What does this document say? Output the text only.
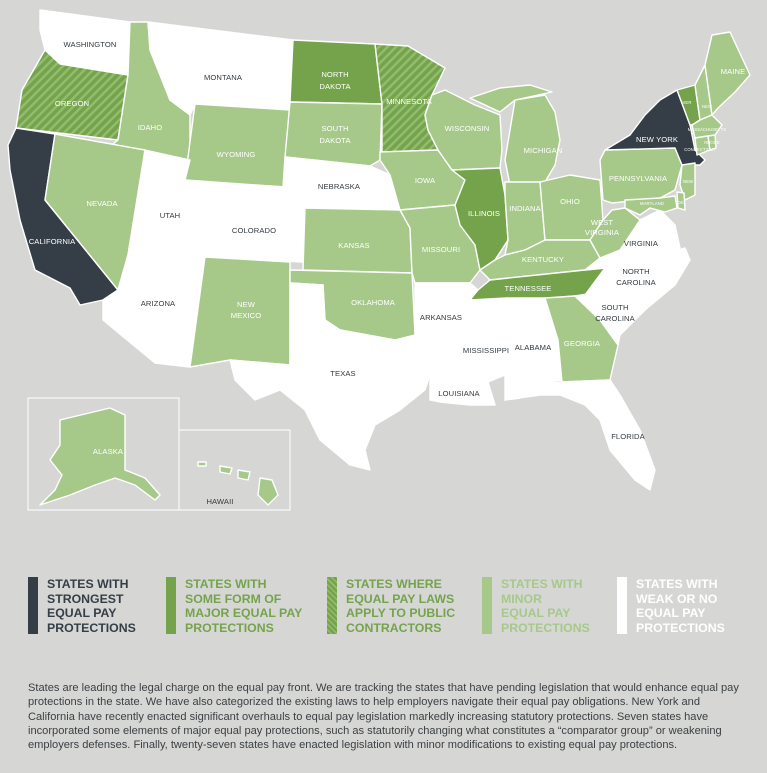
WASHINGTON
OREGON
CALIFORNIA
IDAHO
NEVADA
MONTANA
WYOMING
UTAH
ARIZONA
COLORADO
NEW
MEXICO
NORTH
DAKOTA
SOUTH
DAKOTA
NEBRASKA
KANSAS
OKLAHOMA
TEXAS
MINNESOTA
IOWA
MISSOURI
ARKANSAS
LOUISIANA
WISCONSIN
ILLINOIS
MISSISSIPPI
MICHIGAN
INDIANA
KENTUCKY
TENNESSEE
ALABAMA GEORGIA
FLORIDA
OHIO
WEST
VIRGINIA
VIRGINIA
NORTH
CAROLINA
SOUTH
CAROLINA
PENNSYLVANIA
NEW YORK
MAINE
VER
NEW
MASSACHUSETTS
RHODE
CONNECTICUT
NEW
DEL
MARYLAND
ALASKA
HAWAII
STATES WITH
STRONGEST
EQUAL PAY
PROTECTIONS
STATES WITH
SOME FORM OF
MAJOR EQUAL PAY
PROTECTIONS
STATES WHERE
EQUAL PAY LAWS
APPLY TO PUBLIC
CONTRACTORS
STATES WITH
MINOR
EQUAL PAY
PROTECTIONS
STATES WITH
WEAK OR NO
EQUAL PAY
PROTECTIONS

States are leading the legal charge on the equal pay front. We are tracking the states that have pending legislation that would enhance equal pay protections in the state. We have also categorized the existing laws to help employers navigate their equal pay obligations. New York and California have recently enacted significant overhauls to equal pay legislation markedly increasing statutory protections. Seven states have incorporated some elements of major equal pay protections, such as statutorily changing what constitutes a “comparator group” or weakening employers defenses. Finally, twenty-seven states have enacted legislation with minor modifications to existing equal pay protections.
